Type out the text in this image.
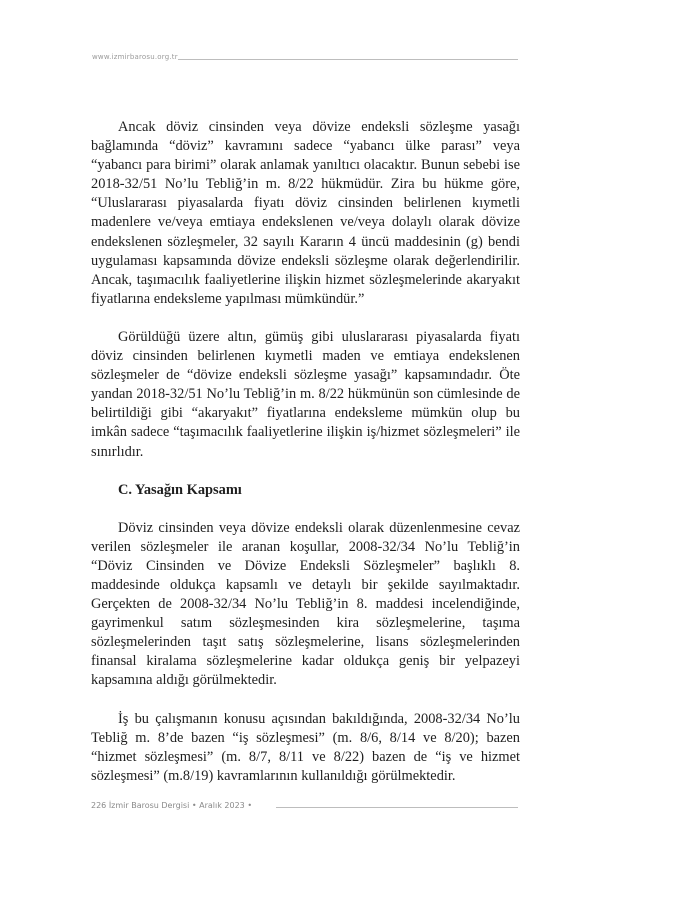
www.izmirbarosu.org.tr

Ancak döviz cinsinden veya dövize endeksli sözleşme yasağı bağlamında “döviz” kavramını sadece “yabancı ülke parası” veya “yabancı para birimi” olarak anlamak yanıltıcı olacaktır. Bunun sebebi ise 2018-32/51 No’lu Tebliğ’in m. 8/22 hükmüdür. Zira bu hükme göre, “Uluslararası piyasalarda fiyatı döviz cinsinden belirlenen kıymetli madenlere ve/veya emtiaya endekslenen ve/veya dolaylı olarak dövize endekslenen sözleşmeler, 32 sayılı Kararın 4 üncü maddesinin (g) bendi uygulaması kapsamında dövize endeksli sözleşme olarak değerlendirilir. Ancak, taşımacılık faaliyetlerine ilişkin hizmet sözleşmelerinde akaryakıt fiyatlarına endeksleme yapılması mümkündür.”

Görüldüğü üzere altın, gümüş gibi uluslararası piyasalarda fiyatı döviz cinsinden belirlenen kıymetli maden ve emtiaya endekslenen sözleşmeler de “dövize endeksli sözleşme yasağı” kapsamındadır. Öte yandan 2018-32/51 No’lu Tebliğ’in m. 8/22 hükmünün son cümlesinde de belirtildiği gibi “akaryakıt” fiyatlarına endeksleme mümkün olup bu imkân sadece “taşımacılık faaliyetlerine ilişkin iş/hizmet sözleşmeleri” ile sınırlıdır.

C. Yasağın Kapsamı

Döviz cinsinden veya dövize endeksli olarak düzenlenmesine cevaz verilen sözleşmeler ile aranan koşullar, 2008-32/34 No’lu Tebliğ’in “Döviz Cinsinden ve Dövize Endeksli Sözleşmeler” başlıklı 8. maddesinde oldukça kapsamlı ve detaylı bir şekilde sayılmaktadır. Gerçekten de 2008-32/34 No’lu Tebliğ’in 8. maddesi incelendiğinde, gayrimenkul satım sözleşmesinden kira sözleşmelerine, taşıma sözleşmelerinden taşıt satış sözleşmelerine, lisans sözleşmelerinden finansal kiralama sözleşmelerine kadar oldukça geniş bir yelpazeyi kapsamına aldığı görülmektedir.

İş bu çalışmanın konusu açısından bakıldığında, 2008-32/34 No’lu Tebliğ m. 8’de bazen “iş sözleşmesi” (m. 8/6, 8/14 ve 8/20); bazen “hizmet sözleşmesi” (m. 8/7, 8/11 ve 8/22) bazen de “iş ve hizmet sözleşmesi” (m.8/19) kavramlarının kullanıldığı görülmektedir.

226 İzmir Barosu Dergisi • Aralık 2023 •
